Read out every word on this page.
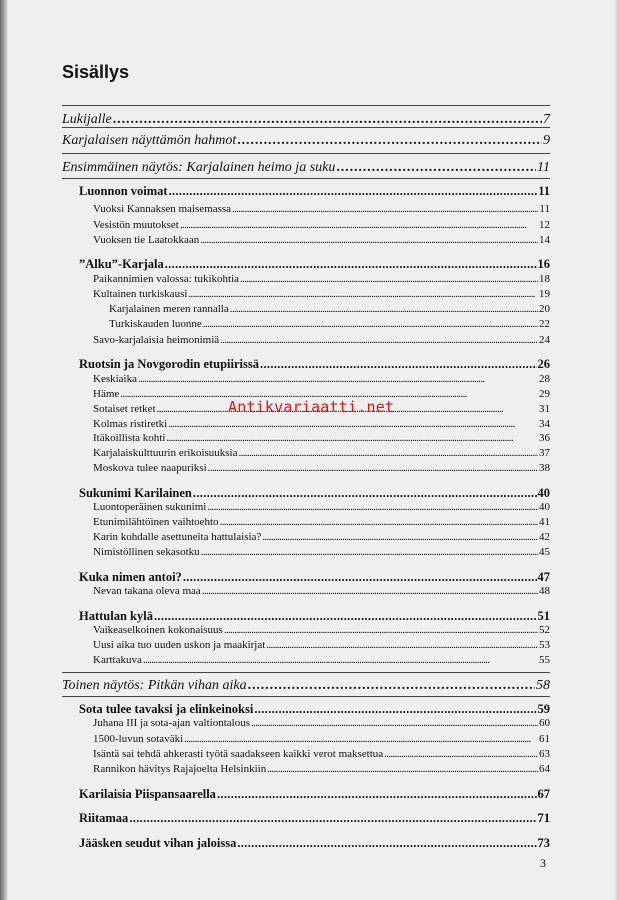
Sisällys
Lukijalle . . .	7
Karjalaisen näyttämön hahmot . . .	9
Ensimmäinen näytös: Karjalainen heimo ja suku . . .	11
Luonnon voimat . . .	11
Vuoksi Kannaksen maisemassa . . .	11
Vesistön muutokset . . .	12
Vuoksen tie Laatokkaan . . .	14
”Alku”-Karjala . . .	16
Paikannimien valossa: tukikohtia . . .	18
Kultainen turkiskausi . . .	19
Karjalainen meren rannalla . . .	20
Turkiskauden luonne . . .	22
Savo-karjalaisia heimonimiä . . .	24
Ruotsin ja Novgorodin etupiirissä . . .	26
Keskiaika . . .	28
Häme . . .	29
Sotaiset retket . . .	31
Kolmas ristiretki . . .	34
Itäkoillista kohti . . .	36
Karjalaiskulttuurin erikoisuuksia . . .	37
Moskova tulee naapuriksi . . .	38
Sukunimi Karilainen . . .	40
Luontoperäinen sukunimi . . .	40
Etunimilähtöinen vaihtoehto . . .	41
Karin kohdalle asettuneita hattulaisia? . . .	42
Nimistöllinen sekasotku . . .	45
Kuka nimen antoi? . . .	47
Nevan takana oleva maa . . .	48
Hattulan kylä . . .	51
Vaikeaselkoinen kokonaisuus . . .	52
Uusi aika tuo uuden uskon ja maakirjat . . .	53
Karttakuva . . .	55
Toinen näytös: Pitkän vihan aika . . .	58
Sota tulee tavaksi ja elinkeinoksi . . .	59
Juhana III ja sota-ajan valtiontalous . . .	60
1500-luvun sotaväki . . .	61
Isäntä sai tehdä ahkerasti työtä saadakseen kaikki verot maksettua . . .	63
Rannikon hävitys Rajajoelta Helsinkiin . . .	64
Karilaisia Piispansaarella . . .	67
Riitamaa . . .	71
Jääsken seudut vihan jaloissa . . .	73
Antikvariaatti.net
3
